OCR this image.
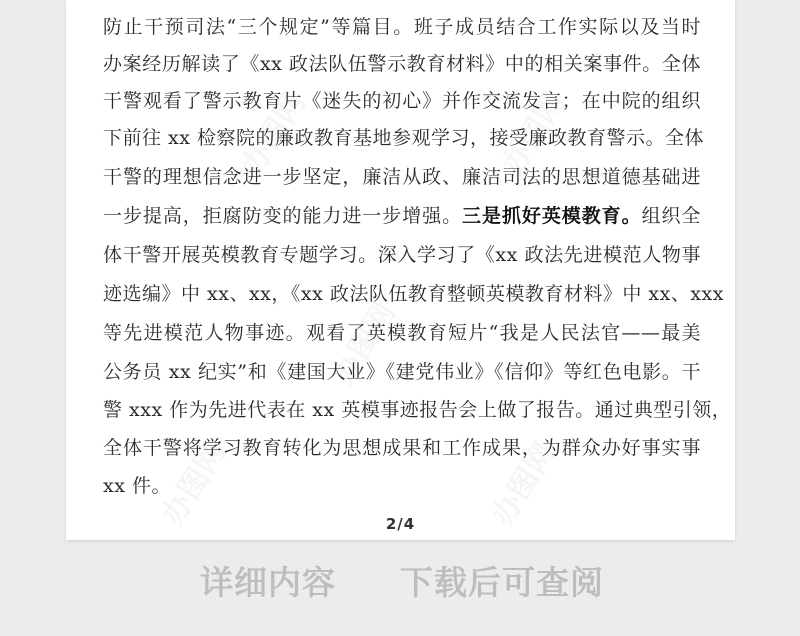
办图网	办图网
办图网
办图网	办图网
防止干预司法“三个规定”等篇目。班子成员结合工作实际以及当时
办案经历解读了《xx 政法队伍警示教育材料》中的相关案事件。全体
干警观看了警示教育片《迷失的初心》并作交流发言；在中院的组织
下前往 xx 检察院的廉政教育基地参观学习，接受廉政教育警示。全体
干警的理想信念进一步坚定，廉洁从政、廉洁司法的思想道德基础进
一步提高，拒腐防变的能力进一步增强。三是抓好英模教育。组织全
体干警开展英模教育专题学习。深入学习了《xx 政法先进模范人物事
迹选编》中 xx、xx，《xx 政法队伍教育整顿英模教育材料》中 xx、xxx
等先进模范人物事迹。观看了英模教育短片“我是人民法官——最美
公务员 xx 纪实”和《建国大业》《建党伟业》《信仰》等红色电影。干
警 xxx 作为先进代表在 xx 英模事迹报告会上做了报告。通过典型引领，
全体干警将学习教育转化为思想成果和工作成果，为群众办好事实事
xx 件。
2/4
详细内容 下载后可查阅
